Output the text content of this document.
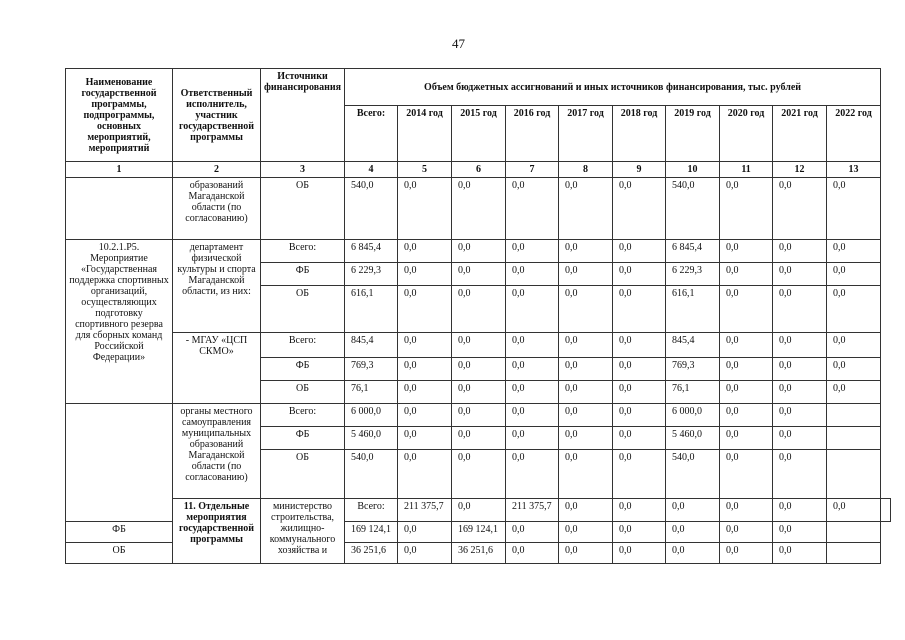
47
Наименование государственной программы, подпрограммы, основных мероприятий, мероприятий	Ответственный исполнитель, участник государственной программы	Источники финансирования	Объем бюджетных ассигнований и иных источников финансирования, тыс. рублей										
			Всего:	2014 год	2015 год	2016 год	2017 год	2018 год	2019 год	2020 год	2021 год	2022 год	
1	2	3	4	5	6	7	8	9	10	11	12	13	
	образований Магаданской области (по согласованию)	ОБ	540,0	0,0	0,0	0,0	0,0	0,0	540,0	0,0	0,0	0,0	
10.2.1.Р5. Мероприятие «Государственная поддержка спортивных организаций, осуществляющих подготовку спортивного резерва для сборных команд Российской Федерации»	департамент физической культуры и спорта Магаданской области, из них:	Всего:	6 845,4	0,0	0,0	0,0	0,0	0,0	6 845,4	0,0	0,0	0,0	
		ФБ	6 229,3	0,0	0,0	0,0	0,0	0,0	6 229,3	0,0	0,0	0,0	
		ОБ	616,1	0,0	0,0	0,0	0,0	0,0	616,1	0,0	0,0	0,0	
	- МГАУ «ЦСП СКМО»	Всего:	845,4	0,0	0,0	0,0	0,0	0,0	845,4	0,0	0,0	0,0	
		ФБ	769,3	0,0	0,0	0,0	0,0	0,0	769,3	0,0	0,0	0,0	
		ОБ	76,1	0,0	0,0	0,0	0,0	0,0	76,1	0,0	0,0	0,0	
	органы местного самоуправления муниципальных образований Магаданской области (по согласованию)	Всего:	6 000,0	0,0	0,0	0,0	0,0	0,0	6 000,0	0,0	0,0		
		ФБ	5 460,0	0,0	0,0	0,0	0,0	0,0	5 460,0	0,0	0,0		
		ОБ	540,0	0,0	0,0	0,0	0,0	0,0	540,0	0,0	0,0		
	11. Отдельные мероприятия государственной программы	министерство строительства, жилищно-коммунального хозяйства и	Всего:	211 375,7	0,0	211 375,7	0,0	0,0	0,0	0,0	0,0	0,0	
ФБ			169 124,1	0,0	169 124,1	0,0	0,0	0,0	0,0	0,0	0,0		
ОБ			36 251,6	0,0	36 251,6	0,0	0,0	0,0	0,0	0,0	0,0		
